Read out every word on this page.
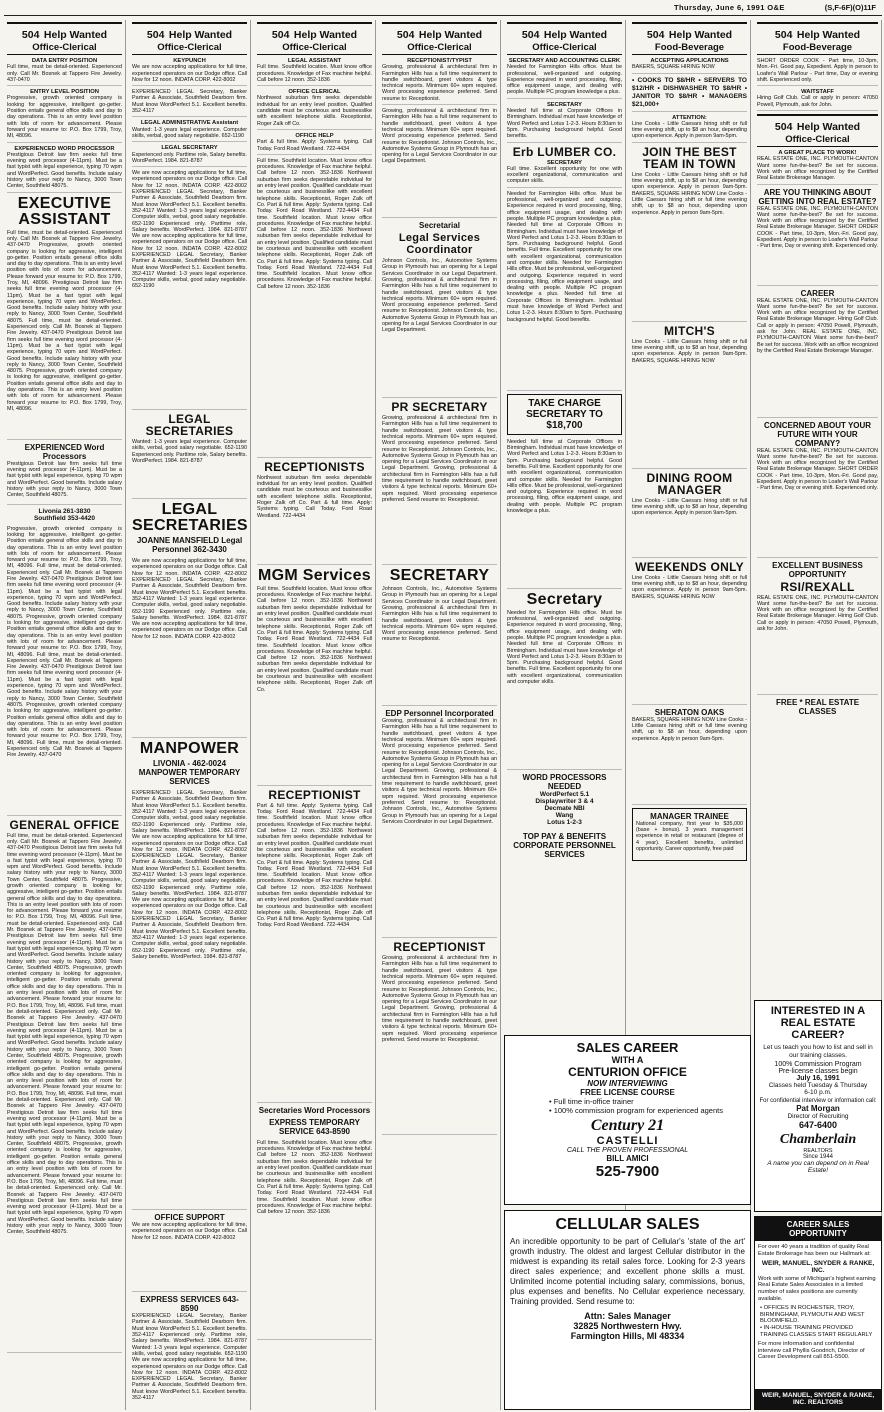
Thursday, June 6, 1991 O&E	(S,F-6F)(O)11F
504 Help Wanted
Office-Clerical
DATA ENTRY POSITION
Full time, must be detail-oriented. Experienced only. Call Mr. Bosnek at Tappero Fire Jewelry. 437-0470
ENTRY LEVEL POSITION
Progressive, growth oriented company is looking for aggressive, intelligent go-getter. Position entails general office skills and day to day operations. This is an entry level position with lots of room for advancement. Please forward your resume to: P.O. Box 1799, Troy, MI, 48096.
EXPERIENCED WORD PROCESSOR
Prestigious Detroit law firm seeks full time evening word processor (4-11pm). Must be a fast typist with legal experience, typing 70 wpm and WordPerfect. Good benefits. Include salary history with your reply to Nancy, 3000 Town Center, Southfield 48075.
EXECUTIVE ASSISTANT
Full time, must be detail-oriented. Experienced only. Call Mr. Bosnek at Tappero Fire Jewelry. 437-0470 Progressive, growth oriented company is looking for aggressive, intelligent go-getter. Position entails general office skills and day to day operations. This is an entry level position with lots of room for advancement. Please forward your resume to: P.O. Box 1799, Troy, MI, 48096. Prestigious Detroit law firm seeks full time evening word processor (4-11pm). Must be a fast typist with legal experience, typing 70 wpm and WordPerfect. Good benefits. Include salary history with your reply to Nancy, 3000 Town Center, Southfield 48075. Full time, must be detail-oriented. Experienced only. Call Mr. Bosnek at Tappero Fire Jewelry. 437-0470 Prestigious Detroit law firm seeks full time evening word processor (4-11pm). Must be a fast typist with legal experience, typing 70 wpm and WordPerfect. Good benefits. Include salary history with your reply to Nancy, 3000 Town Center, Southfield 48075. Progressive, growth oriented company is looking for aggressive, intelligent go-getter. Position entails general office skills and day to day operations. This is an entry level position with lots of room for advancement. Please forward your resume to: P.O. Box 1799, Troy, MI, 48096.
EXPERIENCED Word Processors
Prestigious Detroit law firm seeks full time evening word processor (4-11pm). Must be a fast typist with legal experience, typing 70 wpm and WordPerfect. Good benefits. Include salary history with your reply to Nancy, 3000 Town Center, Southfield 48075.
Livonia 261-3830
Southfield 353-4420
Progressive, growth oriented company is looking for aggressive, intelligent go-getter. Position entails general office skills and day to day operations. This is an entry level position with lots of room for advancement. Please forward your resume to: P.O. Box 1799, Troy, MI, 48096. Full time, must be detail-oriented. Experienced only. Call Mr. Bosnek at Tappero Fire Jewelry. 437-0470 Prestigious Detroit law firm seeks full time evening word processor (4-11pm). Must be a fast typist with legal experience, typing 70 wpm and WordPerfect. Good benefits. Include salary history with your reply to Nancy, 3000 Town Center, Southfield 48075. Progressive, growth oriented company is looking for aggressive, intelligent go-getter. Position entails general office skills and day to day operations. This is an entry level position with lots of room for advancement. Please forward your resume to: P.O. Box 1799, Troy, MI, 48096. Full time, must be detail-oriented. Experienced only. Call Mr. Bosnek at Tappero Fire Jewelry. 437-0470 Prestigious Detroit law firm seeks full time evening word processor (4-11pm). Must be a fast typist with legal experience, typing 70 wpm and WordPerfect. Good benefits. Include salary history with your reply to Nancy, 3000 Town Center, Southfield 48075. Progressive, growth oriented company is looking for aggressive, intelligent go-getter. Position entails general office skills and day to day operations. This is an entry level position with lots of room for advancement. Please forward your resume to: P.O. Box 1799, Troy, MI, 48096. Full time, must be detail-oriented. Experienced only. Call Mr. Bosnek at Tappero Fire Jewelry. 437-0470
GENERAL OFFICE
Full time, must be detail-oriented. Experienced only. Call Mr. Bosnek at Tappero Fire Jewelry. 437-0470 Prestigious Detroit law firm seeks full time evening word processor (4-11pm). Must be a fast typist with legal experience, typing 70 wpm and WordPerfect. Good benefits. Include salary history with your reply to Nancy, 3000 Town Center, Southfield 48075. Progressive, growth oriented company is looking for aggressive, intelligent go-getter. Position entails general office skills and day to day operations. This is an entry level position with lots of room for advancement. Please forward your resume to: P.O. Box 1799, Troy, MI, 48096. Full time, must be detail-oriented. Experienced only. Call Mr. Bosnek at Tappero Fire Jewelry. 437-0470 Prestigious Detroit law firm seeks full time evening word processor (4-11pm). Must be a fast typist with legal experience, typing 70 wpm and WordPerfect. Good benefits. Include salary history with your reply to Nancy, 3000 Town Center, Southfield 48075. Progressive, growth oriented company is looking for aggressive, intelligent go-getter. Position entails general office skills and day to day operations. This is an entry level position with lots of room for advancement. Please forward your resume to: P.O. Box 1799, Troy, MI, 48096. Full time, must be detail-oriented. Experienced only. Call Mr. Bosnek at Tappero Fire Jewelry. 437-0470 Prestigious Detroit law firm seeks full time evening word processor (4-11pm). Must be a fast typist with legal experience, typing 70 wpm and WordPerfect. Good benefits. Include salary history with your reply to Nancy, 3000 Town Center, Southfield 48075. Progressive, growth oriented company is looking for aggressive, intelligent go-getter. Position entails general office skills and day to day operations. This is an entry level position with lots of room for advancement. Please forward your resume to: P.O. Box 1799, Troy, MI, 48096. Full time, must be detail-oriented. Experienced only. Call Mr. Bosnek at Tappero Fire Jewelry. 437-0470 Prestigious Detroit law firm seeks full time evening word processor (4-11pm). Must be a fast typist with legal experience, typing 70 wpm and WordPerfect. Good benefits. Include salary history with your reply to Nancy, 3000 Town Center, Southfield 48075. Progressive, growth oriented company is looking for aggressive, intelligent go-getter. Position entails general office skills and day to day operations. This is an entry level position with lots of room for advancement. Please forward your resume to: P.O. Box 1799, Troy, MI, 48096. Full time, must be detail-oriented. Experienced only. Call Mr. Bosnek at Tappero Fire Jewelry. 437-0470 Prestigious Detroit law firm seeks full time evening word processor (4-11pm). Must be a fast typist with legal experience, typing 70 wpm and WordPerfect. Good benefits. Include salary history with your reply to Nancy, 3000 Town Center, Southfield 48075.
504 Help Wanted
Office-Clerical
KEYPUNCH
We are now accepting applications for full time, experienced operators on our Dodge office. Call Now for 12 noon. INDATA CORP. 422-8002
EXPERIENCED LEGAL Secretary, Banker Partner & Associate, Southfield Dearborn firm. Must know WordPerfect 5.1. Excellent benefits. 352-4117
LEGAL ADMINISTRATIVE Assistant
Wanted: 1-3 years legal experience. Computer skills, verbal, good salary negotiable. 652-1190
LEGAL SECRETARY
Experienced only. Parttime role, Salary benefits. WordPerfect. 1984. 821-8787
We are now accepting applications for full time, experienced operators on our Dodge office. Call Now for 12 noon. INDATA CORP. 422-8002 EXPERIENCED LEGAL Secretary, Banker Partner & Associate, Southfield Dearborn firm. Must know WordPerfect 5.1. Excellent benefits. 352-4117 Wanted: 1-3 years legal experience. Computer skills, verbal, good salary negotiable. 652-1190 Experienced only. Parttime role, Salary benefits. WordPerfect. 1984. 821-8787 We are now accepting applications for full time, experienced operators on our Dodge office. Call Now for 12 noon. INDATA CORP. 422-8002 EXPERIENCED LEGAL Secretary, Banker Partner & Associate, Southfield Dearborn firm. Must know WordPerfect 5.1. Excellent benefits. 352-4117 Wanted: 1-3 years legal experience. Computer skills, verbal, good salary negotiable. 652-1190
LEGAL SECRETARIES
Wanted: 1-3 years legal experience. Computer skills, verbal, good salary negotiable. 652-1190 Experienced only. Parttime role, Salary benefits. WordPerfect. 1984. 821-8787
LEGAL SECRETARIES
JOANNE MANSFIELD Legal Personnel 362-3430
We are now accepting applications for full time, experienced operators on our Dodge office. Call Now for 12 noon. INDATA CORP. 422-8002 EXPERIENCED LEGAL Secretary, Banker Partner & Associate, Southfield Dearborn firm. Must know WordPerfect 5.1. Excellent benefits. 352-4117 Wanted: 1-3 years legal experience. Computer skills, verbal, good salary negotiable. 652-1190 Experienced only. Parttime role, Salary benefits. WordPerfect. 1984. 821-8787 We are now accepting applications for full time, experienced operators on our Dodge office. Call Now for 12 noon. INDATA CORP. 422-8002
MANPOWER
LIVONIA - 462-0024 MANPOWER TEMPORARY SERVICES
EXPERIENCED LEGAL Secretary, Banker Partner & Associate, Southfield Dearborn firm. Must know WordPerfect 5.1. Excellent benefits. 352-4117 Wanted: 1-3 years legal experience. Computer skills, verbal, good salary negotiable. 652-1190 Experienced only. Parttime role, Salary benefits. WordPerfect. 1984. 821-8787 We are now accepting applications for full time, experienced operators on our Dodge office. Call Now for 12 noon. INDATA CORP. 422-8002 EXPERIENCED LEGAL Secretary, Banker Partner & Associate, Southfield Dearborn firm. Must know WordPerfect 5.1. Excellent benefits. 352-4117 Wanted: 1-3 years legal experience. Computer skills, verbal, good salary negotiable. 652-1190 Experienced only. Parttime role, Salary benefits. WordPerfect. 1984. 821-8787 We are now accepting applications for full time, experienced operators on our Dodge office. Call Now for 12 noon. INDATA CORP. 422-8002 EXPERIENCED LEGAL Secretary, Banker Partner & Associate, Southfield Dearborn firm. Must know WordPerfect 5.1. Excellent benefits. 352-4117 Wanted: 1-3 years legal experience. Computer skills, verbal, good salary negotiable. 652-1190 Experienced only. Parttime role, Salary benefits. WordPerfect. 1984. 821-8787
OFFICE SUPPORT
We are now accepting applications for full time, experienced operators on our Dodge office. Call Now for 12 noon. INDATA CORP. 422-8002
EXPRESS SERVICES 643-8590
EXPERIENCED LEGAL Secretary, Banker Partner & Associate, Southfield Dearborn firm. Must know WordPerfect 5.1. Excellent benefits. 352-4117 Experienced only. Parttime role, Salary benefits. WordPerfect. 1984. 821-8787 Wanted: 1-3 years legal experience. Computer skills, verbal, good salary negotiable. 652-1190 We are now accepting applications for full time, experienced operators on our Dodge office. Call Now for 12 noon. INDATA CORP. 422-8002 EXPERIENCED LEGAL Secretary, Banker Partner & Associate, Southfield Dearborn firm. Must know WordPerfect 5.1. Excellent benefits. 352-4117
504 Help Wanted
Office-Clerical
LEGAL ASSISTANT
Full time. Southfield location. Must know office procedures. Knowledge of Fax machine helpful. Call before 12 noon. 352-1836
OFFICE CLERICAL
Northwest suburban firm seeks dependable individual for an entry level position. Qualified candidate must be courteous and businesslike with excellent telephone skills. Receptionist, Roger Zalk off Co.
OFFICE HELP
Part & full time. Apply: Systems typing. Call Today. Ford Road Westland. 722-4434
Full time. Southfield location. Must know office procedures. Knowledge of Fax machine helpful. Call before 12 noon. 352-1836 Northwest suburban firm seeks dependable individual for an entry level position. Qualified candidate must be courteous and businesslike with excellent telephone skills. Receptionist, Roger Zalk off Co. Part & full time. Apply: Systems typing. Call Today. Ford Road Westland. 722-4434 Full time. Southfield location. Must know office procedures. Knowledge of Fax machine helpful. Call before 12 noon. 352-1836 Northwest suburban firm seeks dependable individual for an entry level position. Qualified candidate must be courteous and businesslike with excellent telephone skills. Receptionist, Roger Zalk off Co. Part & full time. Apply: Systems typing. Call Today. Ford Road Westland. 722-4434 Full time. Southfield location. Must know office procedures. Knowledge of Fax machine helpful. Call before 12 noon. 352-1836
RECEPTIONISTS
Northwest suburban firm seeks dependable individual for an entry level position. Qualified candidate must be courteous and businesslike with excellent telephone skills. Receptionist, Roger Zalk off Co. Part & full time. Apply: Systems typing. Call Today. Ford Road Westland. 722-4434
MGM Services
Full time. Southfield location. Must know office procedures. Knowledge of Fax machine helpful. Call before 12 noon. 352-1836 Northwest suburban firm seeks dependable individual for an entry level position. Qualified candidate must be courteous and businesslike with excellent telephone skills. Receptionist, Roger Zalk off Co. Part & full time. Apply: Systems typing. Call Today. Ford Road Westland. 722-4434 Full time. Southfield location. Must know office procedures. Knowledge of Fax machine helpful. Call before 12 noon. 352-1836 Northwest suburban firm seeks dependable individual for an entry level position. Qualified candidate must be courteous and businesslike with excellent telephone skills. Receptionist, Roger Zalk off Co.
RECEPTIONIST
Part & full time. Apply: Systems typing. Call Today. Ford Road Westland. 722-4434 Full time. Southfield location. Must know office procedures. Knowledge of Fax machine helpful. Call before 12 noon. 352-1836 Northwest suburban firm seeks dependable individual for an entry level position. Qualified candidate must be courteous and businesslike with excellent telephone skills. Receptionist, Roger Zalk off Co. Part & full time. Apply: Systems typing. Call Today. Ford Road Westland. 722-4434 Full time. Southfield location. Must know office procedures. Knowledge of Fax machine helpful. Call before 12 noon. 352-1836 Northwest suburban firm seeks dependable individual for an entry level position. Qualified candidate must be courteous and businesslike with excellent telephone skills. Receptionist, Roger Zalk off Co. Part & full time. Apply: Systems typing. Call Today. Ford Road Westland. 722-4434
Secretaries Word Processors
EXPRESS TEMPORARY SERVICE 643-8590
Full time. Southfield location. Must know office procedures. Knowledge of Fax machine helpful. Call before 12 noon. 352-1836 Northwest suburban firm seeks dependable individual for an entry level position. Qualified candidate must be courteous and businesslike with excellent telephone skills. Receptionist, Roger Zalk off Co. Part & full time. Apply: Systems typing. Call Today. Ford Road Westland. 722-4434 Full time. Southfield location. Must know office procedures. Knowledge of Fax machine helpful. Call before 12 noon. 352-1836
504 Help Wanted
Office-Clerical
RECEPTIONIST/TYPIST
Growing, professional & architectural firm in Farmington Hills has a full time requirement to handle switchboard, greet visitors & type technical reports. Minimum 60+ wpm required. Word processing experience preferred. Send resume to: Receptionist.
Growing, professional & architectural firm in Farmington Hills has a full time requirement to handle switchboard, greet visitors & type technical reports. Minimum 60+ wpm required. Word processing experience preferred. Send resume to: Receptionist. Johnson Controls, Inc., Automotive Systems Group in Plymouth has an opening for a Legal Services Coordinator in our Legal Department.
Secretarial
Legal Services Coordinator
Johnson Controls, Inc., Automotive Systems Group in Plymouth has an opening for a Legal Services Coordinator in our Legal Department. Growing, professional & architectural firm in Farmington Hills has a full time requirement to handle switchboard, greet visitors & type technical reports. Minimum 60+ wpm required. Word processing experience preferred. Send resume to: Receptionist. Johnson Controls, Inc., Automotive Systems Group in Plymouth has an opening for a Legal Services Coordinator in our Legal Department.
PR SECRETARY
Growing, professional & architectural firm in Farmington Hills has a full time requirement to handle switchboard, greet visitors & type technical reports. Minimum 60+ wpm required. Word processing experience preferred. Send resume to: Receptionist. Johnson Controls, Inc., Automotive Systems Group in Plymouth has an opening for a Legal Services Coordinator in our Legal Department. Growing, professional & architectural firm in Farmington Hills has a full time requirement to handle switchboard, greet visitors & type technical reports. Minimum 60+ wpm required. Word processing experience preferred. Send resume to: Receptionist.
SECRETARY
Johnson Controls, Inc., Automotive Systems Group in Plymouth has an opening for a Legal Services Coordinator in our Legal Department. Growing, professional & architectural firm in Farmington Hills has a full time requirement to handle switchboard, greet visitors & type technical reports. Minimum 60+ wpm required. Word processing experience preferred. Send resume to: Receptionist.
EDP Personnel Incorporated
Growing, professional & architectural firm in Farmington Hills has a full time requirement to handle switchboard, greet visitors & type technical reports. Minimum 60+ wpm required. Word processing experience preferred. Send resume to: Receptionist. Johnson Controls, Inc., Automotive Systems Group in Plymouth has an opening for a Legal Services Coordinator in our Legal Department. Growing, professional & architectural firm in Farmington Hills has a full time requirement to handle switchboard, greet visitors & type technical reports. Minimum 60+ wpm required. Word processing experience preferred. Send resume to: Receptionist. Johnson Controls, Inc., Automotive Systems Group in Plymouth has an opening for a Legal Services Coordinator in our Legal Department.
RECEPTIONIST
Growing, professional & architectural firm in Farmington Hills has a full time requirement to handle switchboard, greet visitors & type technical reports. Minimum 60+ wpm required. Word processing experience preferred. Send resume to: Receptionist. Johnson Controls, Inc., Automotive Systems Group in Plymouth has an opening for a Legal Services Coordinator in our Legal Department. Growing, professional & architectural firm in Farmington Hills has a full time requirement to handle switchboard, greet visitors & type technical reports. Minimum 60+ wpm required. Word processing experience preferred. Send resume to: Receptionist.
504 Help Wanted
Office-Clerical
SECRETARY AND ACCOUNTING CLERK
Needed for Farmington Hills office. Must be professional, well-organized and outgoing. Experience required in word processing, filing, office equipment usage, and dealing with people. Multiple PC program knowledge a plus.
SECRETARY
Needed full time at Corporate Offices in Birmingham. Individual must have knowledge of Word Perfect and Lotus 1-2-3. Hours 8:30am to 5pm. Purchasing background helpful. Good benefits.
Erb LUMBER CO.
SECRETARY
Full time. Excellent opportunity for one with excellent organizational, communication and computer skills.
Needed for Farmington Hills office. Must be professional, well-organized and outgoing. Experience required in word processing, filing, office equipment usage, and dealing with people. Multiple PC program knowledge a plus. Needed full time at Corporate Offices in Birmingham. Individual must have knowledge of Word Perfect and Lotus 1-2-3. Hours 8:30am to 5pm. Purchasing background helpful. Good benefits. Full time. Excellent opportunity for one with excellent organizational, communication and computer skills. Needed for Farmington Hills office. Must be professional, well-organized and outgoing. Experience required in word processing, filing, office equipment usage, and dealing with people. Multiple PC program knowledge a plus. Needed full time at Corporate Offices in Birmingham. Individual must have knowledge of Word Perfect and Lotus 1-2-3. Hours 8:30am to 5pm. Purchasing background helpful. Good benefits.
TAKE CHARGE SECRETARY TO $18,700
Needed full time at Corporate Offices in Birmingham. Individual must have knowledge of Word Perfect and Lotus 1-2-3. Hours 8:30am to 5pm. Purchasing background helpful. Good benefits. Full time. Excellent opportunity for one with excellent organizational, communication and computer skills. Needed for Farmington Hills office. Must be professional, well-organized and outgoing. Experience required in word processing, filing, office equipment usage, and dealing with people. Multiple PC program knowledge a plus.
Secretary
Needed for Farmington Hills office. Must be professional, well-organized and outgoing. Experience required in word processing, filing, office equipment usage, and dealing with people. Multiple PC program knowledge a plus. Needed full time at Corporate Offices in Birmingham. Individual must have knowledge of Word Perfect and Lotus 1-2-3. Hours 8:30am to 5pm. Purchasing background helpful. Good benefits. Full time. Excellent opportunity for one with excellent organizational, communication and computer skills.
WORD PROCESSORS NEEDED
WordPerfect 5.1
Displaywriter 3 & 4
Decmate NBI
Wang
Lotus 1-2-3
TOP PAY & BENEFITS CORPORATE PERSONNEL SERVICES
504 Help Wanted
Food-Beverage
ACCEPTING APPLICATIONS
BAKERS, SQUARE HIRING NOW
• COOKS TO $8/HR • SERVERS TO $12/HR • DISHWASHER TO $8/HR • JANITOR TO $8/HR • MANAGERS $21,000+
ATTENTION:
Line Cooks - Little Caesars hiring shift or full time evening shift, up to $8 an hour, depending upon experience. Apply in person 9am-5pm.
JOIN THE BEST TEAM IN TOWN
Line Cooks - Little Caesars hiring shift or full time evening shift, up to $8 an hour, depending upon experience. Apply in person 9am-5pm. BAKERS, SQUARE HIRING NOW Line Cooks - Little Caesars hiring shift or full time evening shift, up to $8 an hour, depending upon experience. Apply in person 9am-5pm.
MITCH'S
Line Cooks - Little Caesars hiring shift or full time evening shift, up to $8 an hour, depending upon experience. Apply in person 9am-5pm. BAKERS, SQUARE HIRING NOW
DINING ROOM MANAGER
Line Cooks - Little Caesars hiring shift or full time evening shift, up to $8 an hour, depending upon experience. Apply in person 9am-5pm.
WEEKENDS ONLY
Line Cooks - Little Caesars hiring shift or full time evening shift, up to $8 an hour, depending upon experience. Apply in person 9am-5pm. BAKERS, SQUARE HIRING NOW
SHERATON OAKS
BAKERS, SQUARE HIRING NOW Line Cooks - Little Caesars hiring shift or full time evening shift, up to $8 an hour, depending upon experience. Apply in person 9am-5pm.
MANAGER TRAINEE
National company, first year to $35,000 (base + bonus). 3 years management experience in retail or restaurant (degree of 4 year). Excellent benefits, unlimited opportunity. Career opportunity, free paid
504 Help Wanted
Food-Beverage
SHORT ORDER COOK - Part time, 10-3pm, Mon.-Fri. Good pay, Expedient. Apply in person to Loafer's Wall Parlour - Part time, Day or evening shift. Experienced only.
WAITSTAFF
Hiring Golf Club. Call or apply in person: 47050 Powell, Plymouth, ask for John.
504 Help Wanted
Office-Clerical
A GREAT PLACE TO WORK!
REAL ESTATE ONE, INC. PLYMOUTH-CANTON Want some fun-the-best? Be set for success. Work with an office recognized by the Certified Real Estate Brokerage Manager.
ARE YOU THINKING ABOUT GETTING INTO REAL ESTATE?
REAL ESTATE ONE, INC. PLYMOUTH-CANTON Want some fun-the-best? Be set for success. Work with an office recognized by the Certified Real Estate Brokerage Manager. SHORT ORDER COOK - Part time, 10-3pm, Mon.-Fri. Good pay, Expedient. Apply in person to Loafer's Wall Parlour - Part time, Day or evening shift. Experienced only.
CAREER
REAL ESTATE ONE, INC. PLYMOUTH-CANTON Want some fun-the-best? Be set for success. Work with an office recognized by the Certified Real Estate Brokerage Manager. Hiring Golf Club. Call or apply in person: 47050 Powell, Plymouth, ask for John. REAL ESTATE ONE, INC. PLYMOUTH-CANTON Want some fun-the-best? Be set for success. Work with an office recognized by the Certified Real Estate Brokerage Manager.
CONCERNED ABOUT YOUR FUTURE WITH YOUR COMPANY?
REAL ESTATE ONE, INC. PLYMOUTH-CANTON Want some fun-the-best? Be set for success. Work with an office recognized by the Certified Real Estate Brokerage Manager. SHORT ORDER COOK - Part time, 10-3pm, Mon.-Fri. Good pay, Expedient. Apply in person to Loafer's Wall Parlour - Part time, Day or evening shift. Experienced only.
EXCELLENT BUSINESS OPPORTUNITY
RSI/REXALL
REAL ESTATE ONE, INC. PLYMOUTH-CANTON Want some fun-the-best? Be set for success. Work with an office recognized by the Certified Real Estate Brokerage Manager. Hiring Golf Club. Call or apply in person: 47050 Powell, Plymouth, ask for John.
FREE * REAL ESTATE CLASSES
INTERESTED IN A REAL ESTATE CAREER?
Let us teach you how to list and sell in our training classes.
100% Commission Program
Pre-license classes begin
July 16, 1991
Classes held Tuesday & Thursday
6-10 p.m.
For confidential interview or information call:
Pat Morgan
Director of Recruiting
647-6400
Chamberlain
REALTORS
Since 1944
A name you can depend on in Real Estate!
CAREER SALES OPPORTUNITY
For over 40 years a tradition of quality Real Estate Brokerage has been our Hallmark at:
WEIR, MANUEL, SNYDER & RANKE, INC.
Work with some of Michigan's highest earning Real Estate Sales Associates in a limited number of sales positions are currently available.
• OFFICES IN ROCHESTER, TROY, BIRMINGHAM, PLYMOUTH AND WEST BLOOMFIELD.
• IN-HOUSE TRAINING PROVIDED TRAINING CLASSES START REGULARLY
For more information and confidential interview call Phyllis Goodrich, Director of Career Development call 851-5500.
WEIR, MANUEL, SNYDER & RANKE, INC. REALTORS
SALES CAREER
WITH A
CENTURION OFFICE
NOW INTERVIEWING
FREE LICENSE COURSE
• Full time in-office trainer
• 100% commission program for experienced agents
Century 21
CASTELLI
CALL THE PROVEN PROFESSIONAL
BILL AMICI
525-7900
CELLULAR SALES
An incredible opportunity to be part of Cellular's 'state of the art' growth industry. The oldest and largest Cellular distributor in the midwest is expanding its retail sales force. Looking for 2-3 years direct sales experience; and excellent phone skills a must. Unlimited income potential including salary, commissions, bonus, plus expenses and benefits. No Cellular experience necessary. Training provided. Send resume to:
Attn: Sales Manager
32825 Northwestern Hwy.
Farmington Hills, MI 48334
